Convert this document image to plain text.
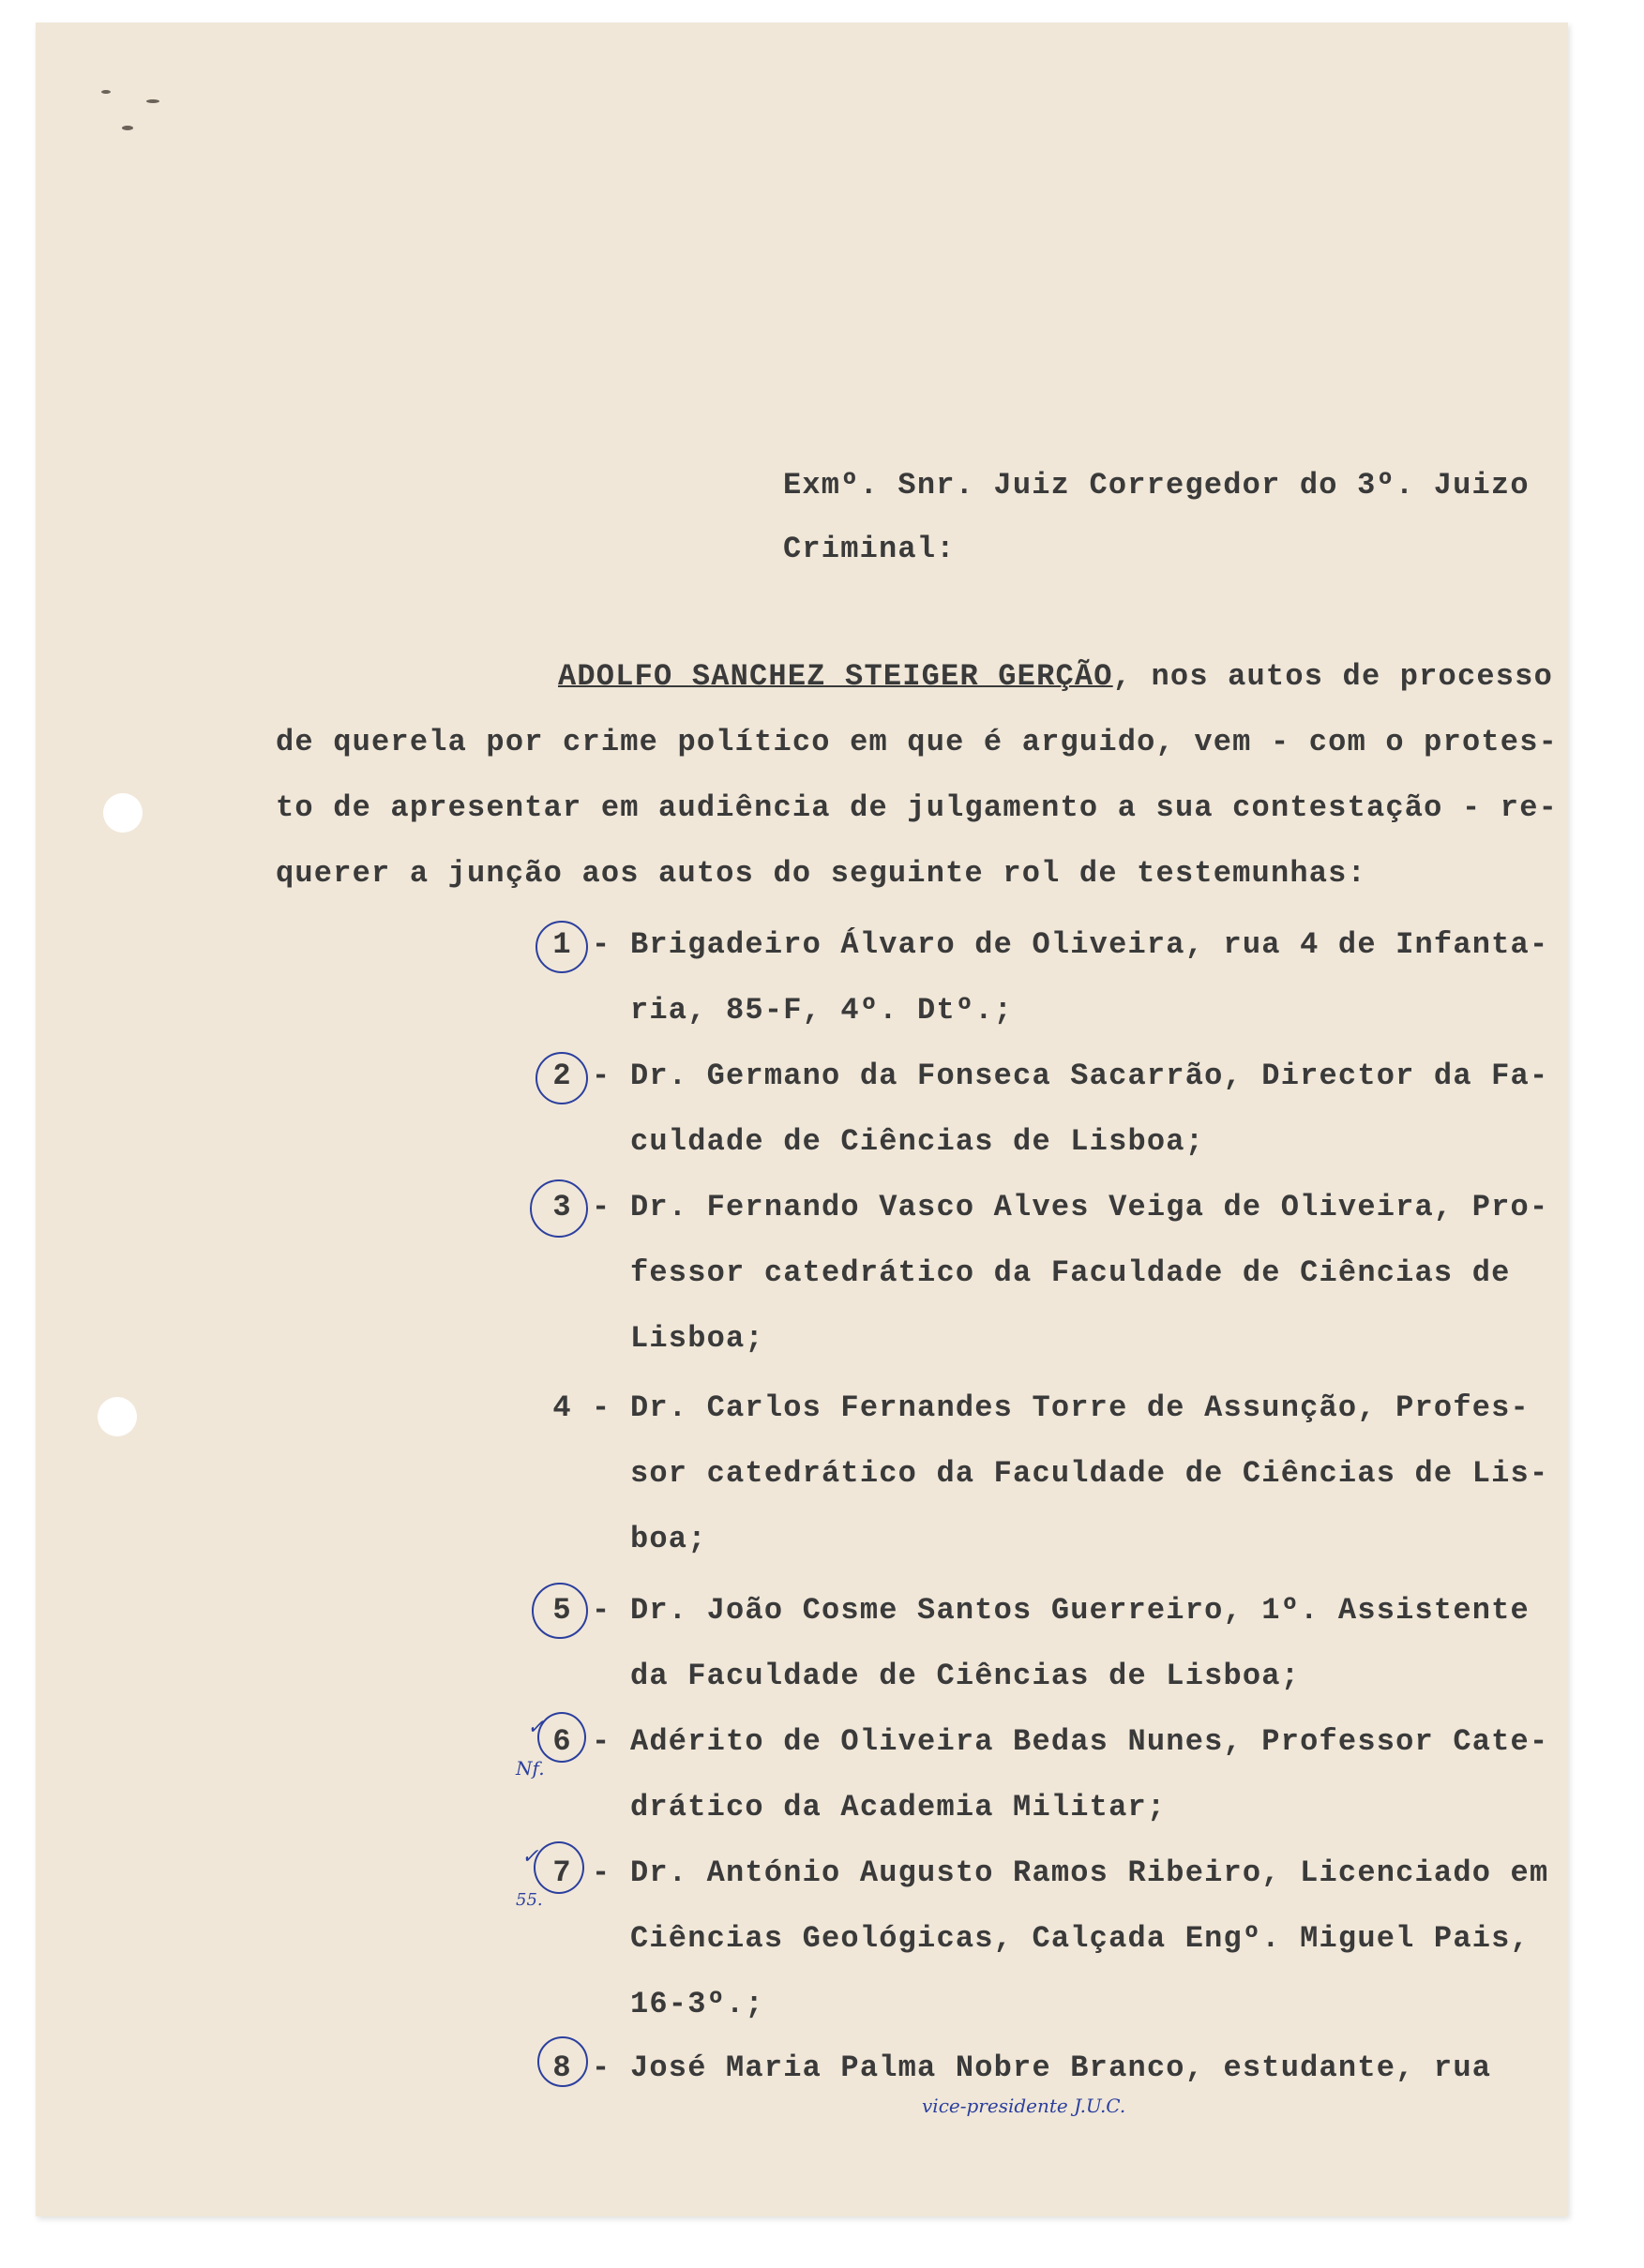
Exmº. Snr. Juiz Corregedor do 3º. Juizo
Criminal:
ADOLFO SANCHEZ STEIGER GERÇÃO, nos autos de processo
de querela por crime político em que é arguido, vem - com o protes-
to de apresentar em audiência de julgamento a sua contestação - re-
querer a junção aos autos do seguinte rol de testemunhas:
1 - Brigadeiro Álvaro de Oliveira, rua 4 de Infanta-
ria, 85-F, 4º. Dtº.;
2 - Dr. Germano da Fonseca Sacarrão, Director da Fa-
culdade de Ciências de Lisboa;
3 - Dr. Fernando Vasco Alves Veiga de Oliveira, Pro-
fessor catedrático da Faculdade de Ciências de
Lisboa;
4 - Dr. Carlos Fernandes Torre de Assunção, Profes-
sor catedrático da Faculdade de Ciências de Lis-
boa;
5 - Dr. João Cosme Santos Guerreiro, 1º. Assistente
da Faculdade de Ciências de Lisboa;
✓ 6 -
Nf.
Adérito de Oliveira Bedas Nunes, Professor Cate-
drático da Academia Militar;
✓ 7 -
55.
Dr. António Augusto Ramos Ribeiro, Licenciado em
Ciências Geológicas, Calçada Engº. Miguel Pais,
16-3º.;
8 - José Maria Palma Nobre Branco, estudante, rua
vice-presidente J.U.C.
